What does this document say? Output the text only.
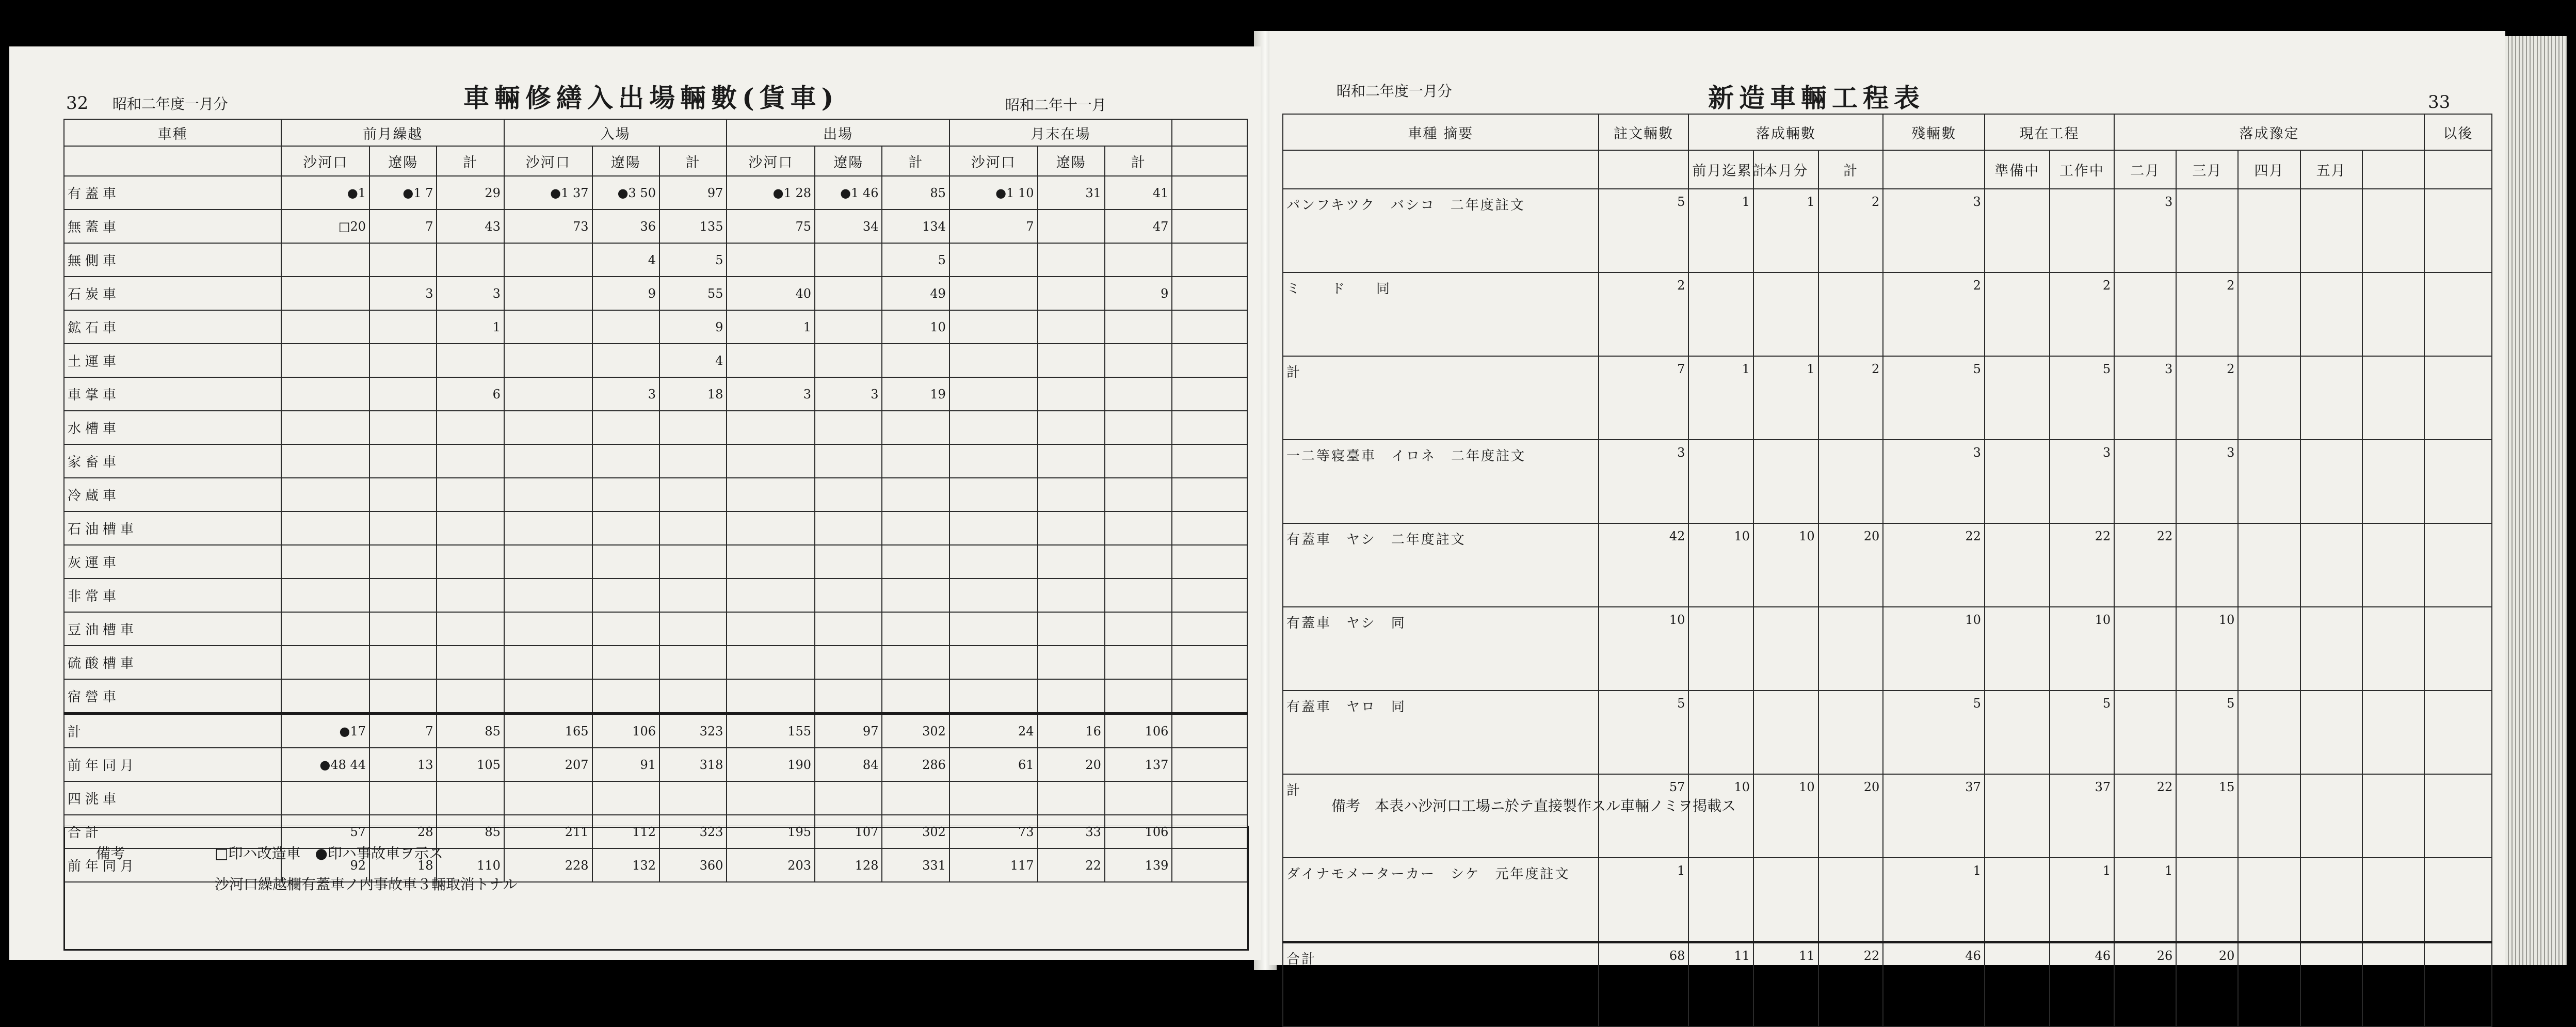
32 昭和二年度一月分	車輛修繕入出場輛數(貨車)	昭和二年十一月
車種	前月繰越			入場			出場			月末在場			
	沙河口	遼陽	計	沙河口	遼陽	計	沙河口	遼陽	計	沙河口	遼陽	計	
有蓋車	●1	●1 7	29	●1 37	●3 50	97	●1 28	●1 46	85	●1 10	31	41	
無蓋車	□20	7	43	73	36	135	75	34	134	7		47	
無側車					4	5			5				
石炭車		3	3		9	55	40		49			9	
鉱石車			1			9	1		10				
土運車						4							
車掌車			6		3	18	3	3	19				
水槽車													
家畜車													
冷蔵車													
石油槽車													
灰運車													
非常車													
豆油槽車													
硫酸槽車													
宿營車													
計	●17	7	85	165	106	323	155	97	302	24	16	106	
前年同月	●48 44	13	105	207	91	318	190	84	286	61	20	137	
四洮車													
合計	57	28	85	211	112	323	195	107	302	73	33	106	
前年同月	92	18	110	228	132	360	203	128	331	117	22	139	
備考	□印ハ改造車　●印ハ事故車ヲ示ス
沙河口繰越欄有蓋車ノ内事故車３輛取消トナル
昭和二年度一月分	新造車輛工程表	33
車種 摘要	註文輛數	落成輛數			殘輛數	現在工程		落成豫定					以後
		前月迄累計	本月分	計		準備中	工作中	二月	三月	四月	五月		
パンフキツク　バシコ　二年度註文	5	1	1	2	3			3					
ミ　　ド　　同	2				2		2		2				
計	7	1	1	2	5		5	3	2				
一二等寝臺車　イロネ　二年度註文	3				3		3		3				
有蓋車　ヤシ　二年度註文	42	10	10	20	22		22	22					
有蓋車　ヤシ　同	10				10		10		10				
有蓋車　ヤロ　同	5				5		5		5				
計	57	10	10	20	37		37	22	15				
ダイナモメーターカー　シケ　元年度註文	1				1		1	1					
合計	68	11	11	22	46		46	26	20				
備考　本表ハ沙河口工場ニ於テ直接製作スル車輛ノミヲ掲載ス
